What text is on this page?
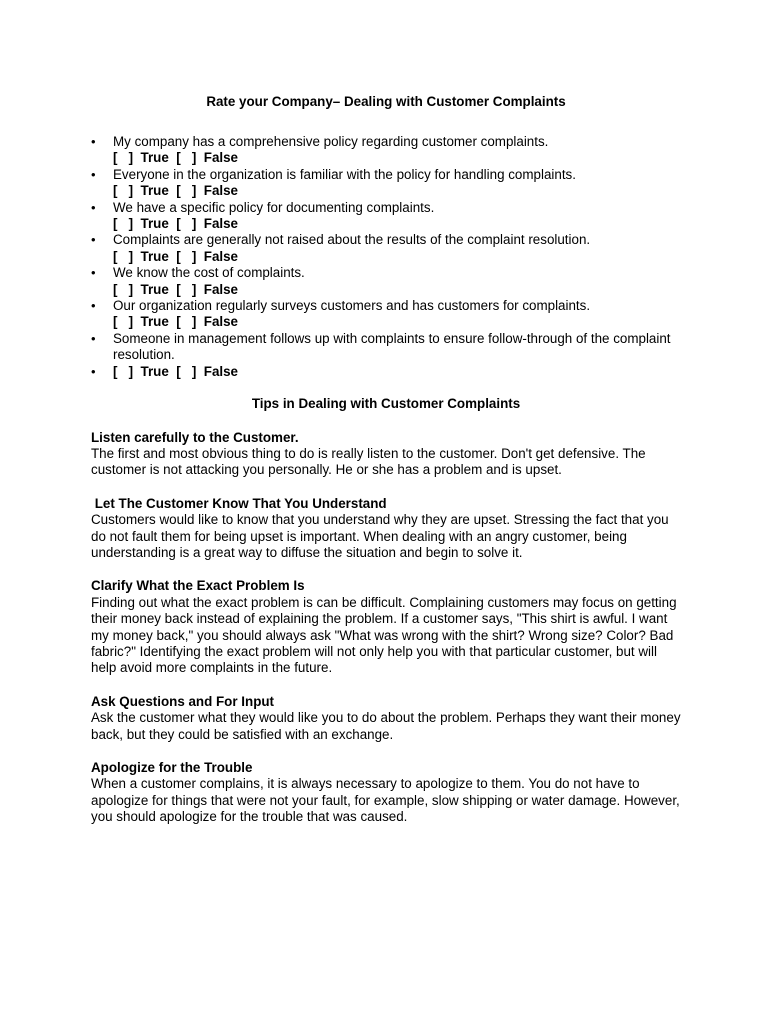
Rate your Company– Dealing with Customer Complaints

• My company has a comprehensive policy regarding customer complaints.
[   ]  True  [   ]  False
• Everyone in the organization is familiar with the policy for handling complaints.
[   ]  True  [   ]  False
• We have a specific policy for documenting complaints.
[   ]  True  [   ]  False
• Complaints are generally not raised about the results of the complaint resolution.
[   ]  True  [   ]  False
• We know the cost of complaints.
[   ]  True  [   ]  False
• Our organization regularly surveys customers and has customers for complaints.
[   ]  True  [   ]  False
• Someone in management follows up with complaints to ensure follow-through of the complaint resolution.
• [   ]  True  [   ]  False

Tips in Dealing with Customer Complaints

Listen carefully to the Customer.

The first and most obvious thing to do is really listen to the customer. Don't get defensive. The customer is not attacking you personally. He or she has a problem and is upset.

Let The Customer Know That You Understand

Customers would like to know that you understand why they are upset. Stressing the fact that you do not fault them for being upset is important. When dealing with an angry customer, being understanding is a great way to diffuse the situation and begin to solve it.

Clarify What the Exact Problem Is

Finding out what the exact problem is can be difficult. Complaining customers may focus on getting their money back instead of explaining the problem. If a customer says, "This shirt is awful. I want my money back," you should always ask "What was wrong with the shirt? Wrong size? Color? Bad fabric?" Identifying the exact problem will not only help you with that particular customer, but will help avoid more complaints in the future.

Ask Questions and For Input

Ask the customer what they would like you to do about the problem. Perhaps they want their money back, but they could be satisfied with an exchange.

Apologize for the Trouble

When a customer complains, it is always necessary to apologize to them. You do not have to apologize for things that were not your fault, for example, slow shipping or water damage. However, you should apologize for the trouble that was caused.
